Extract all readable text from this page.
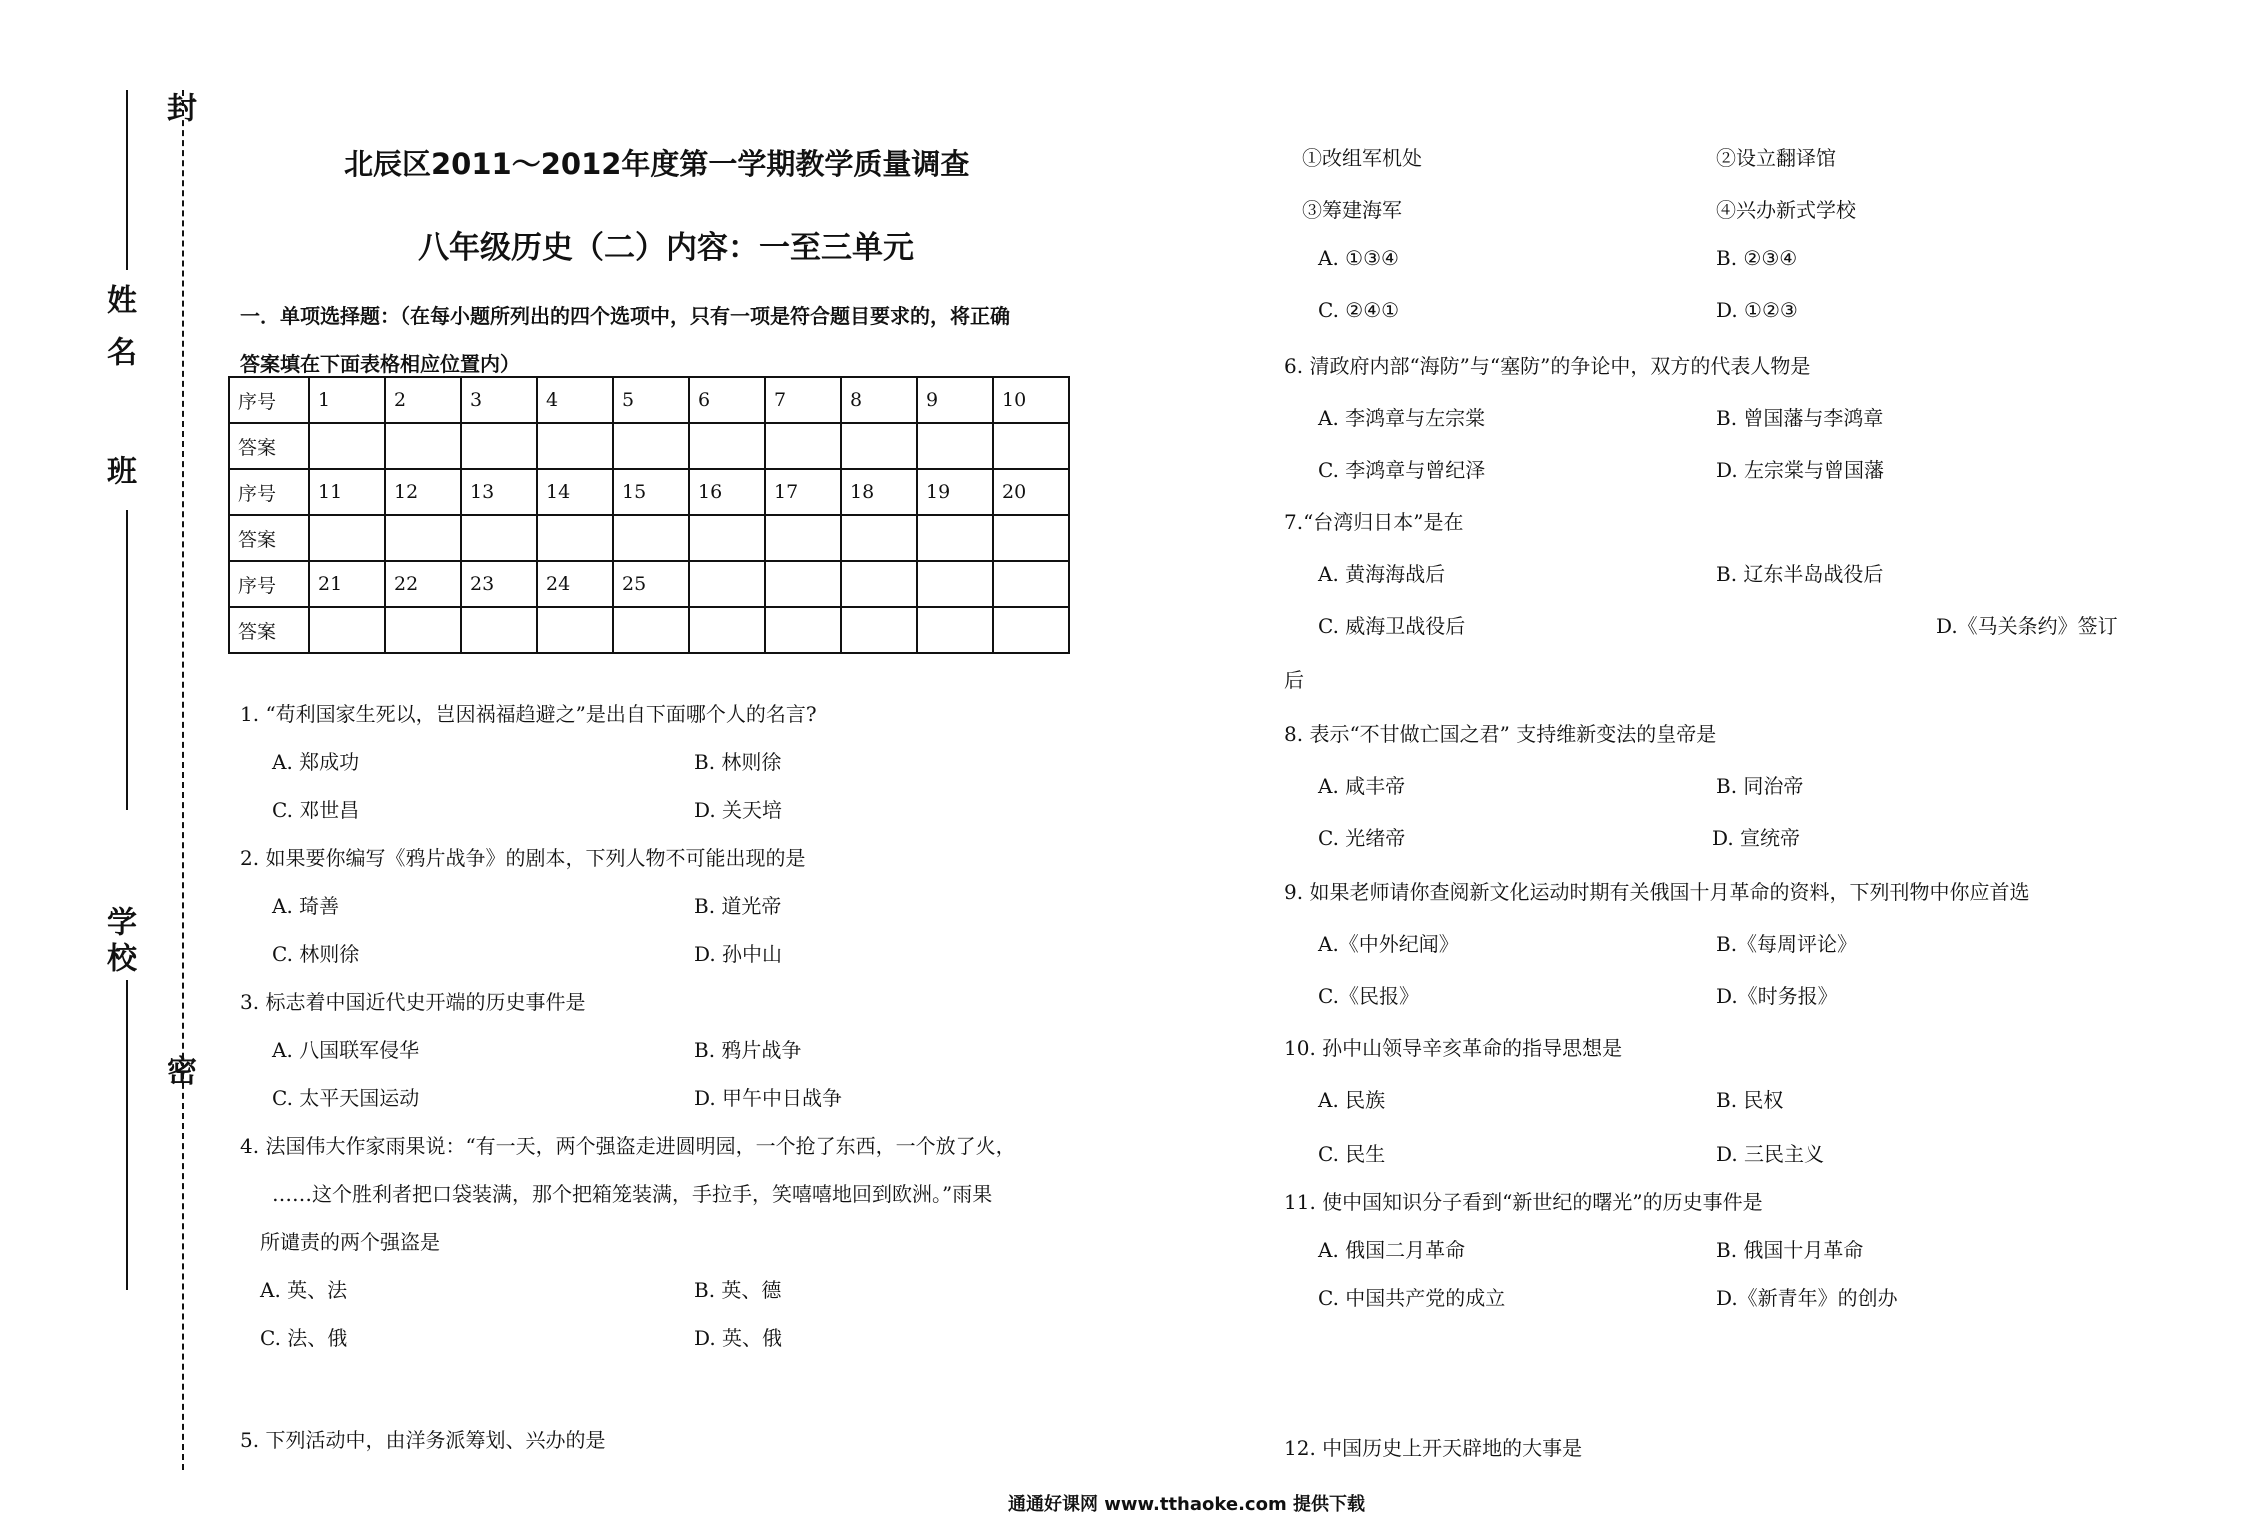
封
密
姓名
班
学校
北辰区2011～2012年度第一学期教学质量调查
八年级历史（二）内容：一至三单元
一．单项选择题：（在每小题所列出的四个选项中，只有一项是符合题目要求的，将正确
答案填在下面表格相应位置内）
序号	1	2	3	4	5	6	7	8	9	10
答案										
序号	11	12	13	14	15	16	17	18	19	20
答案										
序号	21	22	23	24	25					
答案										
1. “苟利国家生死以，岂因祸福趋避之”是出自下面哪个人的名言?
A. 郑成功	B. 林则徐
C. 邓世昌	D. 关天培
2. 如果要你编写《鸦片战争》的剧本，下列人物不可能出现的是
A. 琦善	B. 道光帝
C. 林则徐	D. 孙中山
3. 标志着中国近代史开端的历史事件是
A. 八国联军侵华	B. 鸦片战争
C. 太平天国运动	D. 甲午中日战争
4. 法国伟大作家雨果说：“有一天，两个强盗走进圆明园，一个抢了东西，一个放了火，
……这个胜利者把口袋装满，那个把箱笼装满，手拉手，笑嘻嘻地回到欧洲。”雨果
所谴责的两个强盗是
A. 英、法	B. 英、德
C. 法、俄	D. 英、俄
5. 下列活动中，由洋务派筹划、兴办的是
①改组军机处	②设立翻译馆
③筹建海军	④兴办新式学校
A. ①③④	B. ②③④
C. ②④①	D. ①②③
6. 清政府内部“海防”与“塞防”的争论中，双方的代表人物是
A. 李鸿章与左宗棠	B. 曾国藩与李鸿章
C. 李鸿章与曾纪泽	D. 左宗棠与曾国藩
7.“台湾归日本”是在
A. 黄海海战后	B. 辽东半岛战役后
C. 威海卫战役后	D.《马关条约》签订
后
8. 表示“不甘做亡国之君” 支持维新变法的皇帝是
A. 咸丰帝	B. 同治帝
C. 光绪帝	D. 宣统帝
9. 如果老师请你查阅新文化运动时期有关俄国十月革命的资料，下列刊物中你应首选
A.《中外纪闻》	B.《每周评论》
C.《民报》	D.《时务报》
10. 孙中山领导辛亥革命的指导思想是
A. 民族	B. 民权
C. 民生	D. 三民主义
11. 使中国知识分子看到“新世纪的曙光”的历史事件是
A. 俄国二月革命	B. 俄国十月革命
C. 中国共产党的成立	D.《新青年》的创办
12. 中国历史上开天辟地的大事是
通通好课网 www.tthaoke.com 提供下载
